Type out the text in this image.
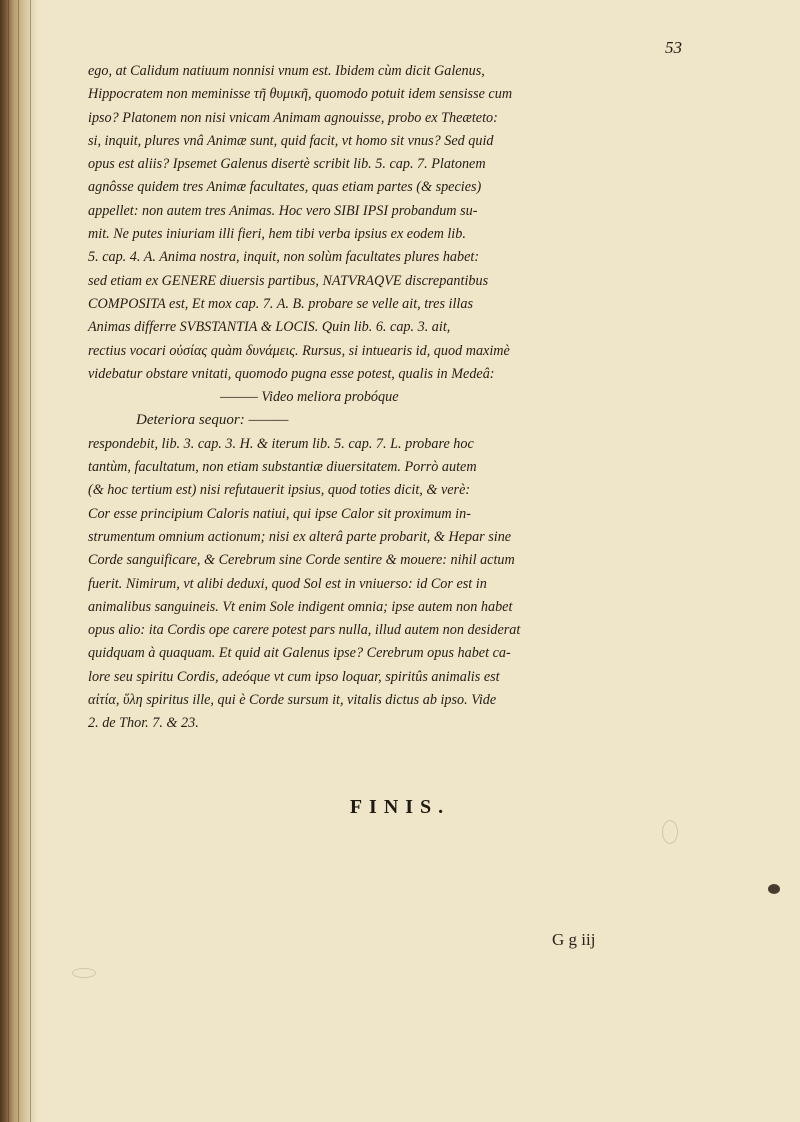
53
ego, at Calidum natiuum nonnisi vnum est. Ibidem cùm dicit Galenus,
Hippocratem non meminisse τῆ θυμικῆ, quomodo potuit idem sensisse cum
ipso? Platonem non nisi vnicam Animam agnouisse, probo ex Theæteto:
si, inquit, plures vnâ Animæ sunt, quid facit, vt homo sit vnus? Sed quid
opus est aliis? Ipsemet Galenus disertè scribit lib. 5. cap. 7. Platonem
agnôsse quidem tres Animæ facultates, quas etiam partes (& species)
appellet: non autem tres Animas. Hoc vero SIBI IPSI probandum su-
mit. Ne putes iniuriam illi fieri, hem tibi verba ipsius ex eodem lib.
5. cap. 4. A. Anima nostra, inquit, non solùm facultates plures habet:
sed etiam ex GENERE diuersis partibus, NATVRAQVE discrepantibus
COMPOSITA est, Et mox cap. 7. A. B. probare se velle ait, tres illas
Animas differre SVBSTANTIA & LOCIS. Quin lib. 6. cap. 3. ait,
rectius vocari οὐσίας quàm δυνάμεις. Rursus, si intuearis id, quod maximè
videbatur obstare vnitati, quomodo pugna esse potest, qualis in Medeâ:
——— Video meliora probóque
Deteriora sequor: ———
respondebit, lib. 3. cap. 3. H. & iterum lib. 5. cap. 7. L. probare hoc
tantùm, facultatum, non etiam substantiæ diuersitatem. Porrò autem
(& hoc tertium est) nisi refutauerit ipsius, quod toties dicit, & verè:
Cor esse principium Caloris natiui, qui ipse Calor sit proximum in-
strumentum omnium actionum; nisi ex alterâ parte probarit, & Hepar sine
Corde sanguificare, & Cerebrum sine Corde sentire & mouere: nihil actum
fuerit. Nimirum, vt alibi deduxi, quod Sol est in vniuerso: id Cor est in
animalibus sanguineis. Vt enim Sole indigent omnia; ipse autem non habet
opus alio: ita Cordis ope carere potest pars nulla, illud autem non desiderat
quidquam à quaquam. Et quid ait Galenus ipse? Cerebrum opus habet ca-
lore seu spiritu Cordis, adeóque vt cum ipso loquar, spiritûs animalis est
αἰτία, ὕλη spiritus ille, qui è Corde sursum it, vitalis dictus ab ipso. Vide
2. de Thor. 7. & 23.
FINIS.
G g iij
